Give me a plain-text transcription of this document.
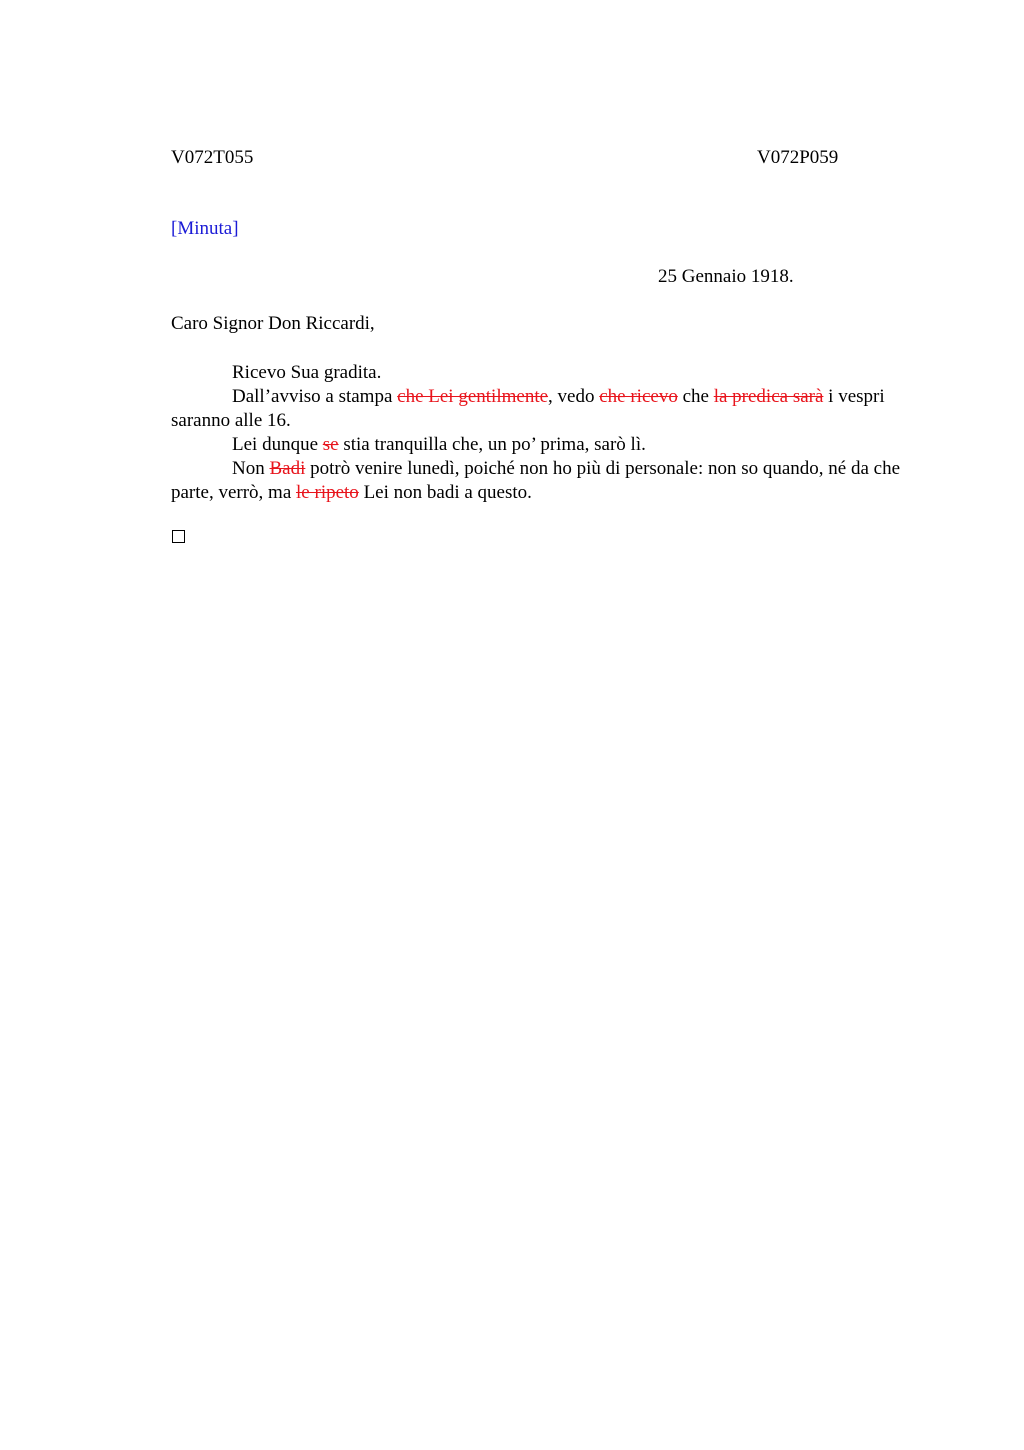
V072T055	V072P059
[Minuta]
25 Gennaio 1918.
Caro Signor Don Riccardi,

Ricevo Sua gradita.

Dall’avviso a stampa che Lei gentilmente, vedo che ricevo che la predica sarà i vespri saranno alle 16.

Lei dunque se stia tranquilla che, un po’ prima, sarò lì.

Non Badi potrò venire lunedì, poiché non ho più di personale: non so quando, né da che parte, verrò, ma le ripeto Lei non badi a questo.
